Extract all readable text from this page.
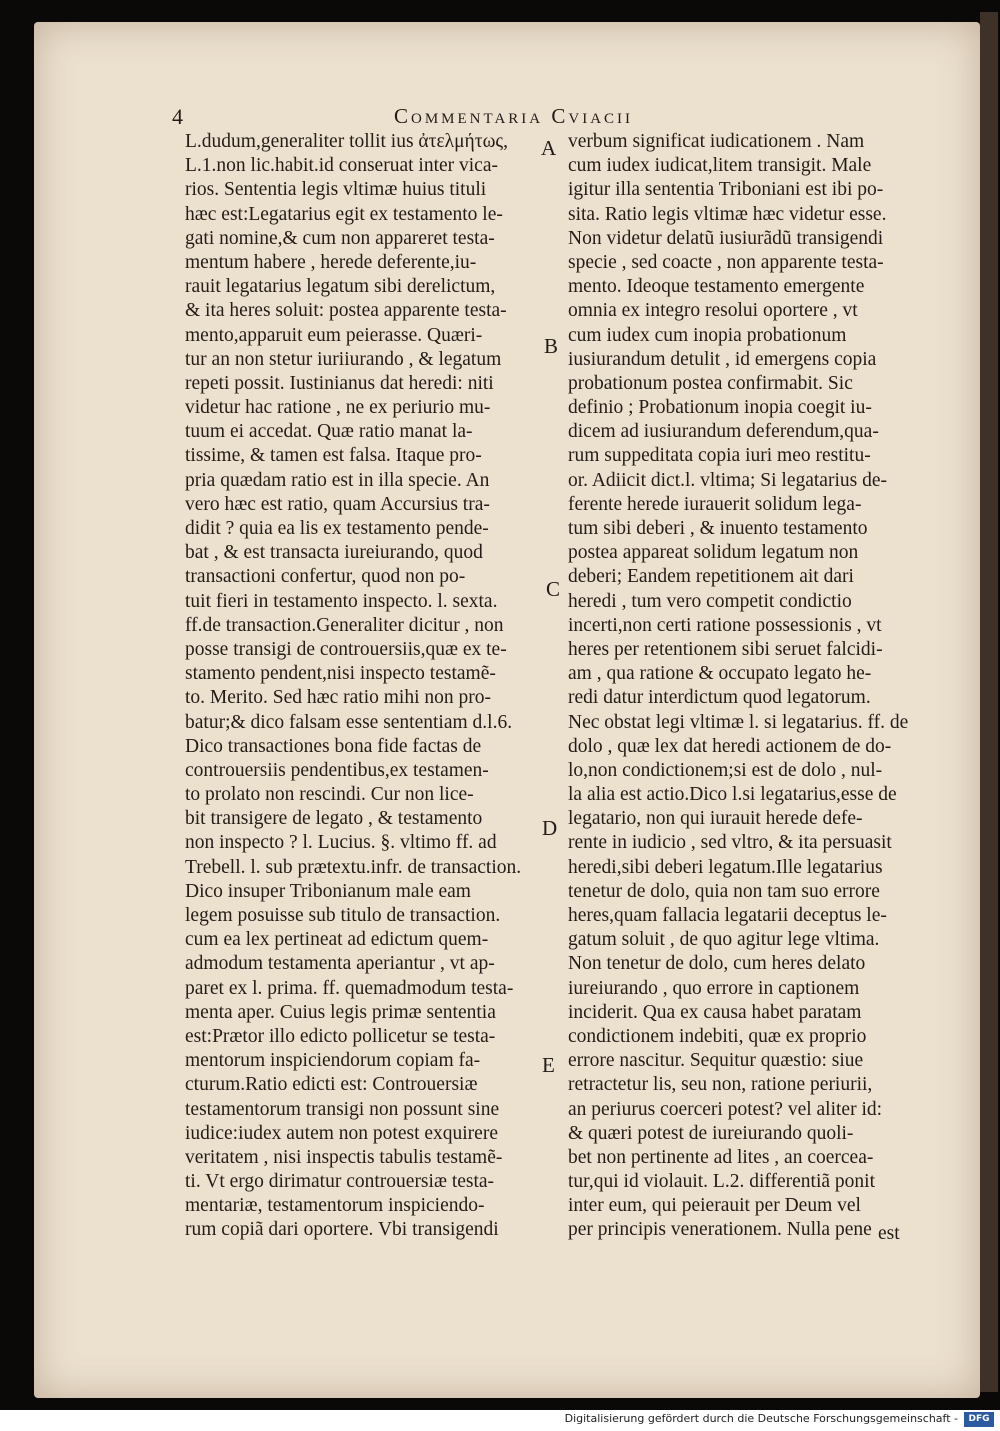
4	Commentaria Cviacii
L.dudum,generaliter tollit ius ἀτελμήτως,
L.1.non lic.habit.id conseruat inter vica-
rios. Sententia legis vltimæ huius tituli
hæc est:Legatarius egit ex testamento le-
gati nomine,& cum non appareret testa-
mentum habere , herede deferente,iu-
rauit legatarius legatum sibi derelictum,
& ita heres soluit: postea apparente testa-
mento,apparuit eum peierasse. Quæri-
tur an non stetur iuriiurando , & legatum
repeti possit. Iustinianus dat heredi: niti
videtur hac ratione , ne ex periurio mu-
tuum ei accedat. Quæ ratio manat la-
tissime, & tamen est falsa. Itaque pro-
pria quædam ratio est in illa specie. An
vero hæc est ratio, quam Accursius tra-
didit ? quia ea lis ex testamento pende-
bat , & est transacta iureiurando, quod
transactioni confertur, quod non po-
tuit fieri in testamento inspecto. l. sexta.
ff.de transaction.Generaliter dicitur , non
posse transigi de controuersiis,quæ ex te-
stamento pendent,nisi inspecto testamẽ-
to. Merito. Sed hæc ratio mihi non pro-
batur;& dico falsam esse sententiam d.l.6.
Dico transactiones bona fide factas de
controuersiis pendentibus,ex testamen-
to prolato non rescindi. Cur non lice-
bit transigere de legato , & testamento
non inspecto ? l. Lucius. §. vltimo ff. ad
Trebell. l. sub prætextu.infr. de transaction.
Dico insuper Tribonianum male eam
legem posuisse sub titulo de transaction.
cum ea lex pertineat ad edictum quem-
admodum testamenta aperiantur , vt ap-
paret ex l. prima. ff. quemadmodum testa-
menta aper. Cuius legis primæ sententia
est:Prætor illo edicto pollicetur se testa-
mentorum inspiciendorum copiam fa-
cturum.Ratio edicti est: Controuersiæ
testamentorum transigi non possunt sine
iudice:iudex autem non potest exquirere
veritatem , nisi inspectis tabulis testamẽ-
ti. Vt ergo dirimatur controuersiæ testa-
mentariæ, testamentorum inspiciendo-
rum copiã dari oportere. Vbi transigendi
verbum significat iudicationem . Nam
cum iudex iudicat,litem transigit. Male
igitur illa sententia Triboniani est ibi po-
sita. Ratio legis vltimæ hæc videtur esse.
Non videtur delatũ iusiurãdũ transigendi
specie , sed coacte , non apparente testa-
mento. Ideoque testamento emergente
omnia ex integro resolui oportere , vt
cum iudex cum inopia probationum
iusiurandum detulit , id emergens copia
probationum postea confirmabit. Sic
definio ; Probationum inopia coegit iu-
dicem ad iusiurandum deferendum,qua-
rum suppeditata copia iuri meo restitu-
or. Adiicit dict.l. vltima; Si legatarius de-
ferente herede iurauerit solidum lega-
tum sibi deberi , & inuento testamento
postea appareat solidum legatum non
deberi; Eandem repetitionem ait dari
heredi , tum vero competit condictio
incerti,non certi ratione possessionis , vt
heres per retentionem sibi seruet falcidi-
am , qua ratione & occupato legato he-
redi datur interdictum quod legatorum.
Nec obstat legi vltimæ l. si legatarius. ff. de
dolo , quæ lex dat heredi actionem de do-
lo,non condictionem;si est de dolo , nul-
la alia est actio.Dico l.si legatarius,esse de
legatario, non qui iurauit herede defe-
rente in iudicio , sed vltro, & ita persuasit
heredi,sibi deberi legatum.Ille legatarius
tenetur de dolo, quia non tam suo errore
heres,quam fallacia legatarii deceptus le-
gatum soluit , de quo agitur lege vltima.
Non tenetur de dolo, cum heres delato
iureiurando , quo errore in captionem
inciderit. Qua ex causa habet paratam
condictionem indebiti, quæ ex proprio
errore nascitur. Sequitur quæstio: siue
retractetur lis, seu non, ratione periurii,
an periurus coerceri potest? vel aliter id:
& quæri potest de iureiurando quoli-
bet non pertinente ad lites , an coercea-
tur,qui id violauit. L.2. differentiã ponit
inter eum, qui peierauit per Deum vel
per principis venerationem. Nulla pene
A
B
C
D
E
est
Digitalisierung gefördert durch die Deutsche Forschungsgemeinschaft -	DFG
